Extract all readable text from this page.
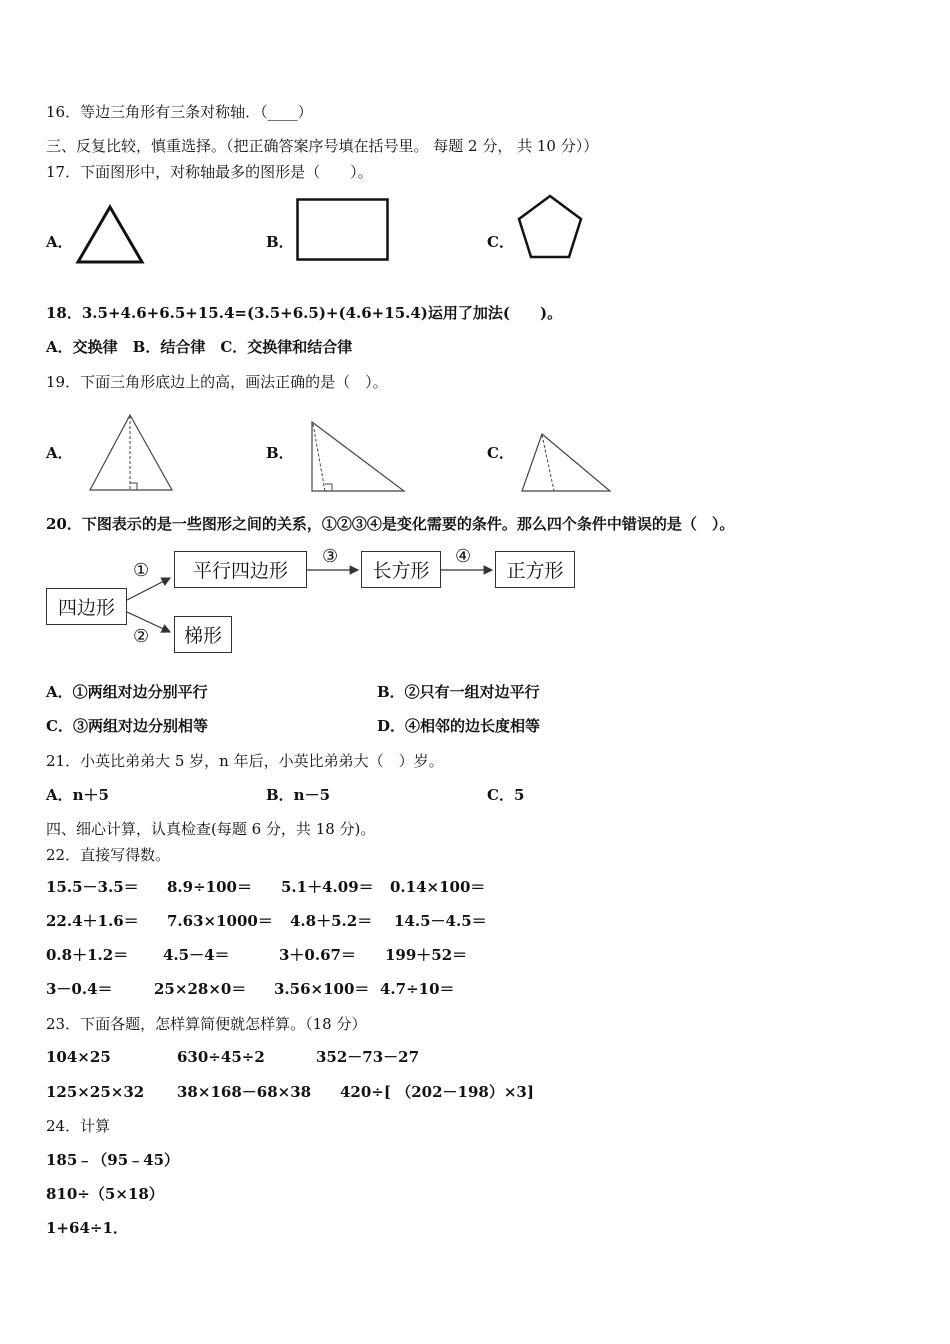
16．等边三角形有三条对称轴．（____）
三、反复比较，慎重选择。（把正确答案序号填在括号里。 每题 2 分， 共 10 分））
17．下面图形中，对称轴最多的图形是（　　）。
A．	B．	C．
18．3.5+4.6+6.5+15.4=(3.5+6.5)+(4.6+15.4)运用了加法(　　)。
A．交换律　B．结合律　C．交换律和结合律
19．下面三角形底边上的高，画法正确的是（　）。
A．	B．	C．
20．下图表示的是一些图形之间的关系，①②③④是变化需要的条件。那么四个条件中错误的是（　）。
四边形
平行四边形	长方形	正方形
梯形
①
②
③	④
A．①两组对边分别平行	B．②只有一组对边平行
C．③两组对边分别相等	D．④相邻的边长度相等
21．小英比弟弟大 5 岁，n 年后，小英比弟弟大（　）岁。
A．n＋5	B．n－5	C．5
四、细心计算，认真检查(每题 6 分，共 18 分)。
22．直接写得数。
15.5－3.5＝ 8.9÷100＝ 5.1＋4.09＝ 0.14×100＝
22.4＋1.6＝ 7.63×1000＝ 4.8＋5.2＝ 14.5－4.5＝
0.8＋1.2＝ 4.5－4＝	3＋0.67＝ 199＋52＝
3－0.4＝	25×28×0＝ 3.56×100＝ 4.7÷10＝
23．下面各题，怎样算简便就怎样算。（18 分）
104×25	630÷45÷2	352－73－27
125×25×32 38×168－68×38 420÷[ （202－198）×3]
24．计算
185﹣（95﹣45）
810÷（5×18）
1+64÷1．
